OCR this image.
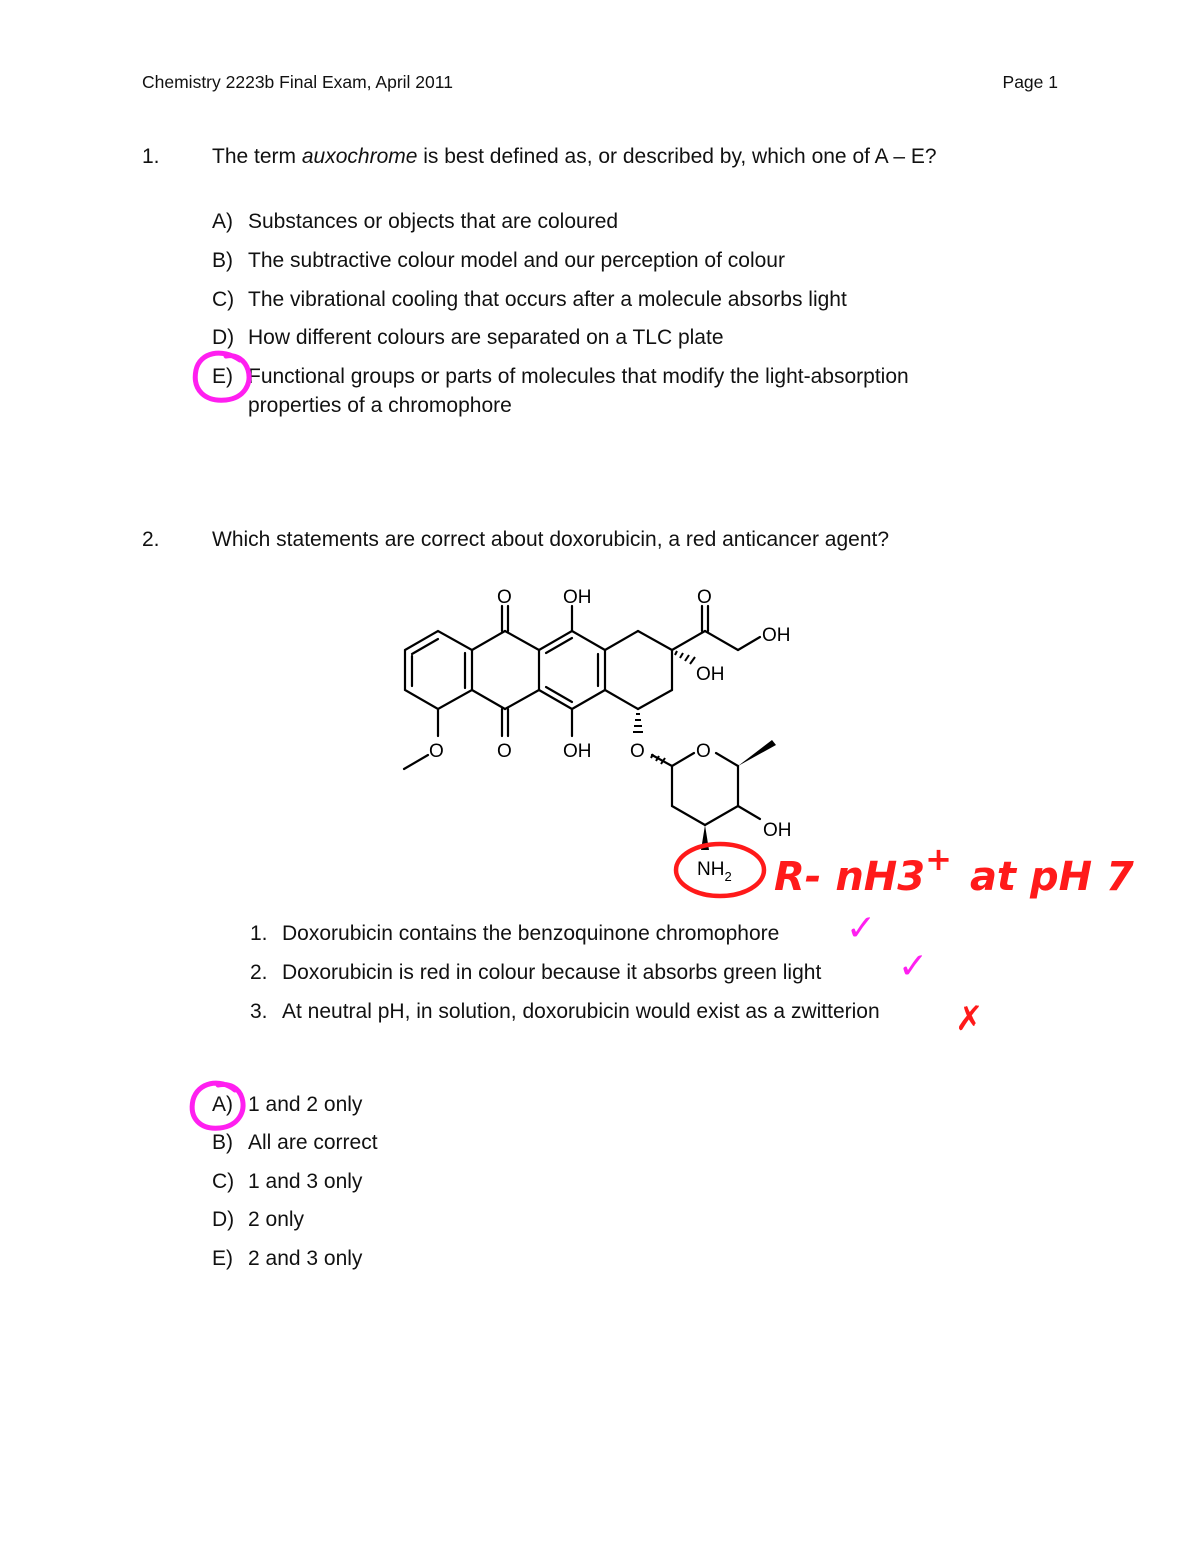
Chemistry 2223b Final Exam, April 2011	Page 1
1. The term auxochrome is best defined as, or described by, which one of A – E?
A) Substances or objects that are coloured
B) The subtractive colour model and our perception of colour
C) The vibrational cooling that occurs after a molecule absorbs light
D) How different colours are separated on a TLC plate
E) Functional groups or parts of molecules that modify the light-absorption
properties of a chromophore
2. Which statements are correct about doxorubicin, a red anticancer agent?
O	OH	O
OH
OH
O	O	OH O	O
OH
$NH_2$
1. Doxorubicin contains the benzoquinone chromophore
2. Doxorubicin is red in colour because it absorbs green light
3. At neutral pH, in solution, doxorubicin would exist as a zwitterion
A) 1 and 2 only
B) All are correct
C) 1 and 3 only
D) 2 only
E) 2 and 3 only
R- nH3+ at pH 7
✓
✓
✗
